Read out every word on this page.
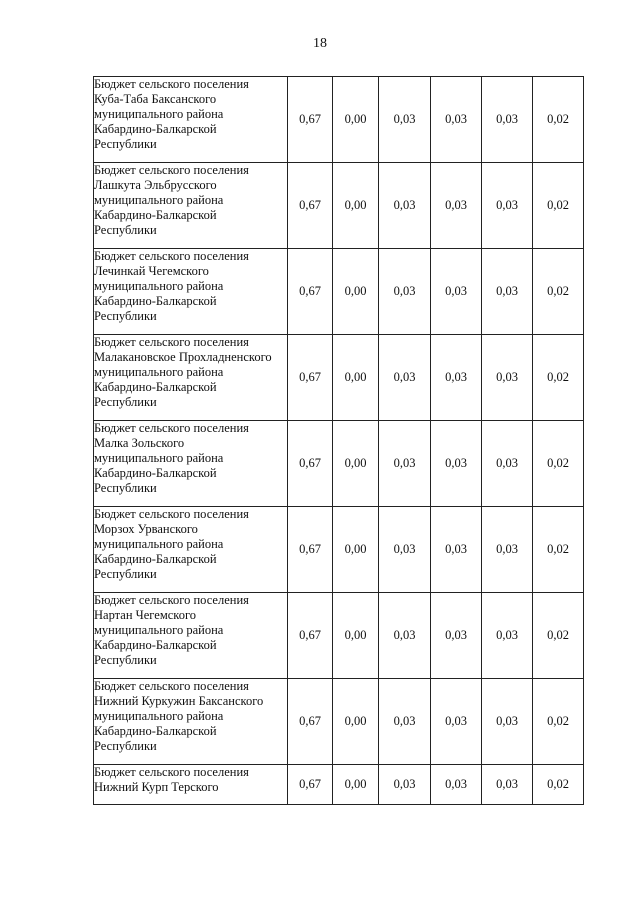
18
Бюджет сельского поселения
Куба-Таба Баксанского
муниципального района
Кабардино-Балкарской
Республики	0,67	0,00	0,03	0,03	0,03	0,02

Бюджет сельского поселения
Лашкута Эльбрусского
муниципального района
Кабардино-Балкарской
Республики	0,67	0,00	0,03	0,03	0,03	0,02

Бюджет сельского поселения
Лечинкай Чегемского
муниципального района
Кабардино-Балкарской
Республики	0,67	0,00	0,03	0,03	0,03	0,02

Бюджет сельского поселения
Малакановское Прохладненского
муниципального района
Кабардино-Балкарской
Республики	0,67	0,00	0,03	0,03	0,03	0,02

Бюджет сельского поселения
Малка Зольского
муниципального района
Кабардино-Балкарской
Республики	0,67	0,00	0,03	0,03	0,03	0,02

Бюджет сельского поселения
Морзох Урванского
муниципального района
Кабардино-Балкарской
Республики	0,67	0,00	0,03	0,03	0,03	0,02

Бюджет сельского поселения
Нартан Чегемского
муниципального района
Кабардино-Балкарской
Республики	0,67	0,00	0,03	0,03	0,03	0,02

Бюджет сельского поселения
Нижний Куркужин Баксанского
муниципального района
Кабардино-Балкарской
Республики	0,67	0,00	0,03	0,03	0,03	0,02

Бюджет сельского поселения
Нижний Курп Терского	0,67	0,00	0,03	0,03	0,03	0,02
